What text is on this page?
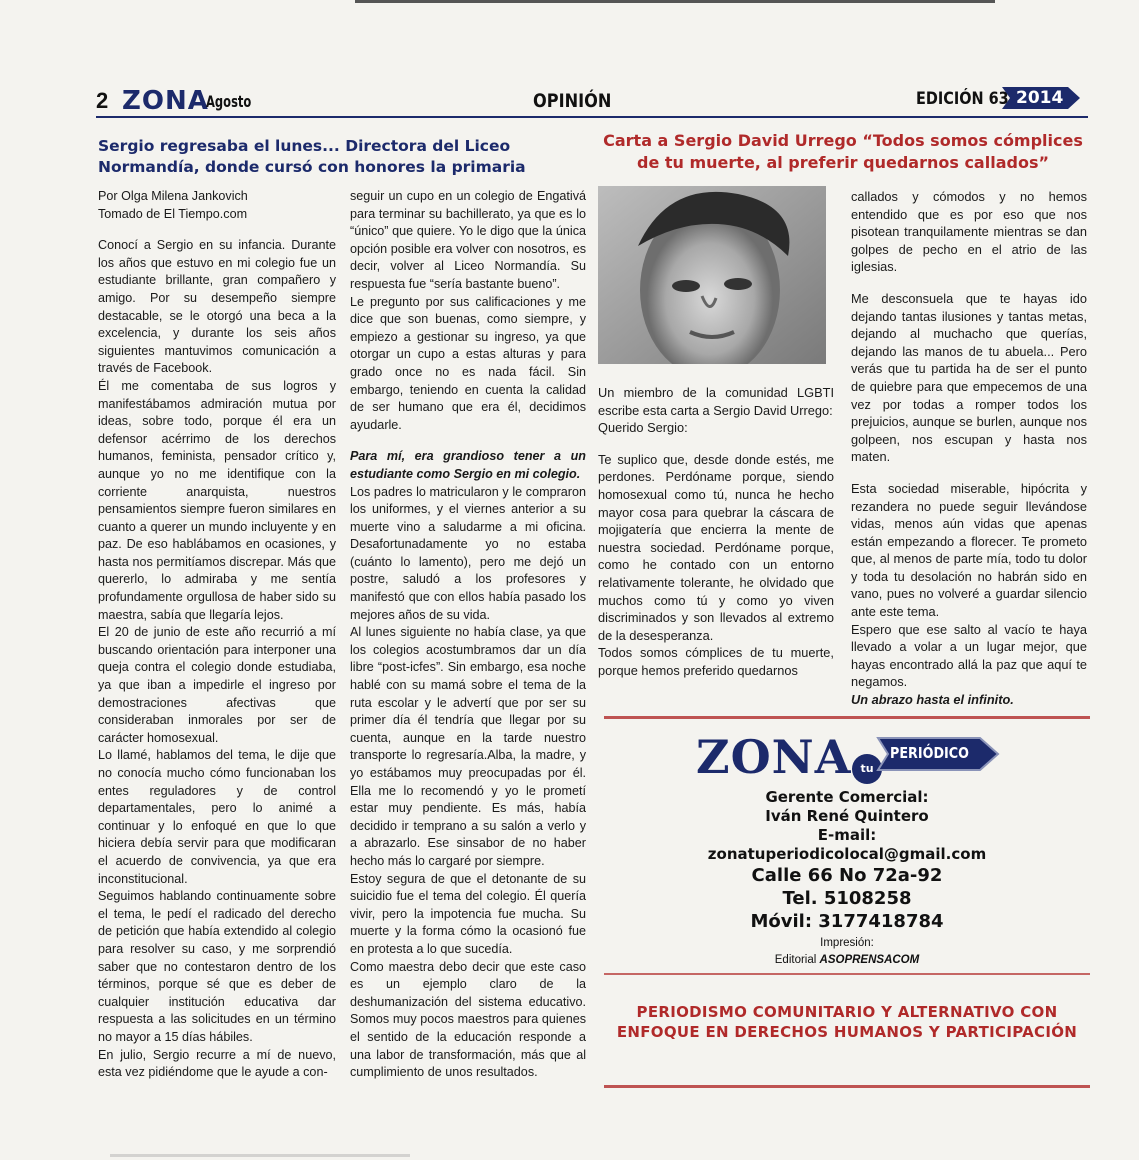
2 ZONA
Agosto	OPINIÓN	EDICIÓN 63 2014
Sergio regresaba el lunes... Directora del Liceo Normandía, donde cursó con honores la primaria
Carta a Sergio David Urrego “Todos somos cómplices de tu muerte, al preferir quedarnos callados”

Por Olga Milena Jankovich

Tomado de El Tiempo.com

Conocí a Sergio en su infancia. Durante los años que estuvo en mi colegio fue un estudiante brillante, gran compañero y amigo. Por su desempeño siempre destacable, se le otorgó una beca a la excelencia, y durante los seis años siguientes mantuvimos comunicación a través de Facebook.

Él me comentaba de sus logros y manifestábamos admiración mutua por ideas, sobre todo, porque él era un defensor acérrimo de los derechos humanos, feminista, pensador crítico y, aunque yo no me identifique con la corriente anarquista, nuestros pensamientos siempre fueron similares en cuanto a querer un mundo incluyente y en paz. De eso hablábamos en ocasiones, y hasta nos permitíamos discrepar. Más que quererlo, lo admiraba y me sentía profundamente orgullosa de haber sido su maestra, sabía que llegaría lejos.

El 20 de junio de este año recurrió a mí buscando orientación para interponer una queja contra el colegio donde estudiaba, ya que iban a impedirle el ingreso por demostraciones afectivas que consideraban inmorales por ser de carácter homosexual.

Lo llamé, hablamos del tema, le dije que no conocía mucho cómo funcionaban los entes reguladores y de control departamentales, pero lo animé a continuar y lo enfoqué en que lo que hiciera debía servir para que modificaran el acuerdo de convivencia, ya que era inconstitucional.

Seguimos hablando continuamente sobre el tema, le pedí el radicado del derecho de petición que había extendido al colegio para resolver su caso, y me sorprendió saber que no contestaron dentro de los términos, porque sé que es deber de cualquier institución educativa dar respuesta a las solicitudes en un término no mayor a 15 días hábiles.

En julio, Sergio recurre a mí de nuevo, esta vez pidiéndome que le ayude a con-

seguir un cupo en un colegio de Engativá para terminar su bachillerato, ya que es lo “único” que quiere. Yo le digo que la única opción posible era volver con nosotros, es decir, volver al Liceo Normandía. Su respuesta fue “sería bastante bueno”.

Le pregunto por sus calificaciones y me dice que son buenas, como siempre, y empiezo a gestionar su ingreso, ya que otorgar un cupo a estas alturas y para grado once no es nada fácil. Sin embargo, teniendo en cuenta la calidad de ser humano que era él, decidimos ayudarle.

Para mí, era grandioso tener a un estudiante como Sergio en mi colegio.

Los padres lo matricularon y le compraron los uniformes, y el viernes anterior a su muerte vino a saludarme a mi oficina. Desafortunadamente yo no estaba (cuánto lo lamento), pero me dejó un postre, saludó a los profesores y manifestó que con ellos había pasado los mejores años de su vida.

Al lunes siguiente no había clase, ya que los colegios acostumbramos dar un día libre “post-icfes”. Sin embargo, esa noche hablé con su mamá sobre el tema de la ruta escolar y le advertí que por ser su primer día él tendría que llegar por su cuenta, aunque en la tarde nuestro transporte lo regresaría.Alba, la madre, y yo estábamos muy preocupadas por él. Ella me lo recomendó y yo le prometí estar muy pendiente. Es más, había decidido ir temprano a su salón a verlo y a abrazarlo. Ese sinsabor de no haber hecho más lo cargaré por siempre.

Estoy segura de que el detonante de su suicidio fue el tema del colegio. Él quería vivir, pero la impotencia fue mucha. Su muerte y la forma cómo la ocasionó fue en protesta a lo que sucedía.

Como maestra debo decir que este caso es un ejemplo claro de la deshumanización del sistema educativo. Somos muy pocos maestros para quienes el sentido de la educación responde a una labor de transformación, más que al cumplimiento de unos resultados.

Un miembro de la comunidad LGBTI escribe esta carta a Sergio David Urrego:

Querido Sergio:

Te suplico que, desde donde estés, me perdones. Perdóname porque, siendo homosexual como tú, nunca he hecho mayor cosa para quebrar la cáscara de mojigatería que encierra la mente de nuestra sociedad. Perdóname porque, como he contado con un entorno relativamente tolerante, he olvidado que muchos como tú y como yo viven discriminados y son llevados al extremo de la desesperanza.

Todos somos cómplices de tu muerte, porque hemos preferido quedarnos

callados y cómodos y no hemos entendido que es por eso que nos pisotean tranquilamente mientras se dan golpes de pecho en el atrio de las iglesias.

Me desconsuela que te hayas ido dejando tantas ilusiones y tantas metas, dejando al muchacho que querías, dejando las manos de tu abuela... Pero verás que tu partida ha de ser el punto de quiebre para que empecemos de una vez por todas a romper todos los prejuicios, aunque se burlen, aunque nos golpeen, nos escupan y hasta nos maten.

Esta sociedad miserable, hipócrita y rezandera no puede seguir llevándose vidas, menos aún vidas que apenas están empezando a florecer. Te prometo que, al menos de parte mía, todo tu dolor y toda tu desolación no habrán sido en vano, pues no volveré a guardar silencio ante este tema.

Espero que ese salto al vacío te haya llevado a volar a un lugar mejor, que hayas encontrado allá la paz que aquí te negamos.

Un abrazo hasta el infinito.

ZONA tu
PERIÓDICO
Gerente Comercial:
Iván René Quintero
E-mail:
zonatuperiodicolocal@gmail.com
Calle 66 No 72a-92
Tel. 5108258
Móvil: 3177418784
Impresión:
Editorial ASOPRENSACOM
PERIODISMO COMUNITARIO Y ALTERNATIVO CON ENFOQUE EN DERECHOS HUMANOS Y PARTICIPACIÓN
